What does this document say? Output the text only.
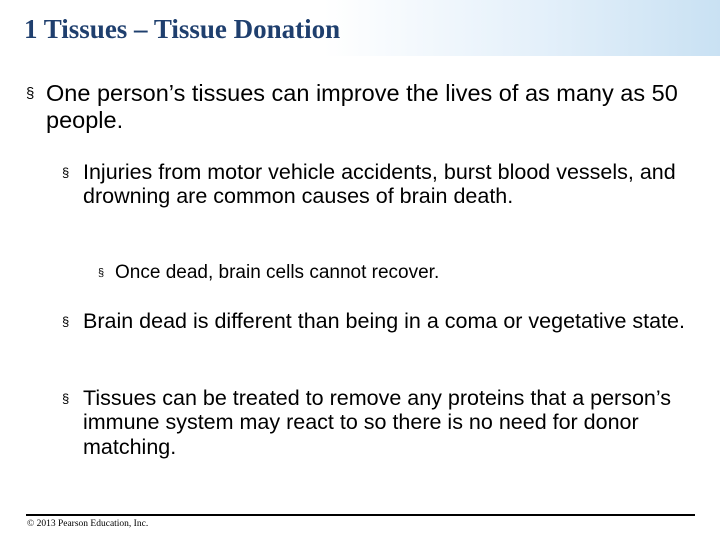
1 Tissues – Tissue Donation
§ One person’s tissues can improve the lives of as many as 50 people.
§ Injuries from motor vehicle accidents, burst blood vessels, and drowning are common causes of brain death.
§ Once dead, brain cells cannot recover.
§ Brain dead is different than being in a coma or vegetative state.
§ Tissues can be treated to remove any proteins that a person’s immune system may react to so there is no need for donor matching.
© 2013 Pearson Education, Inc.
